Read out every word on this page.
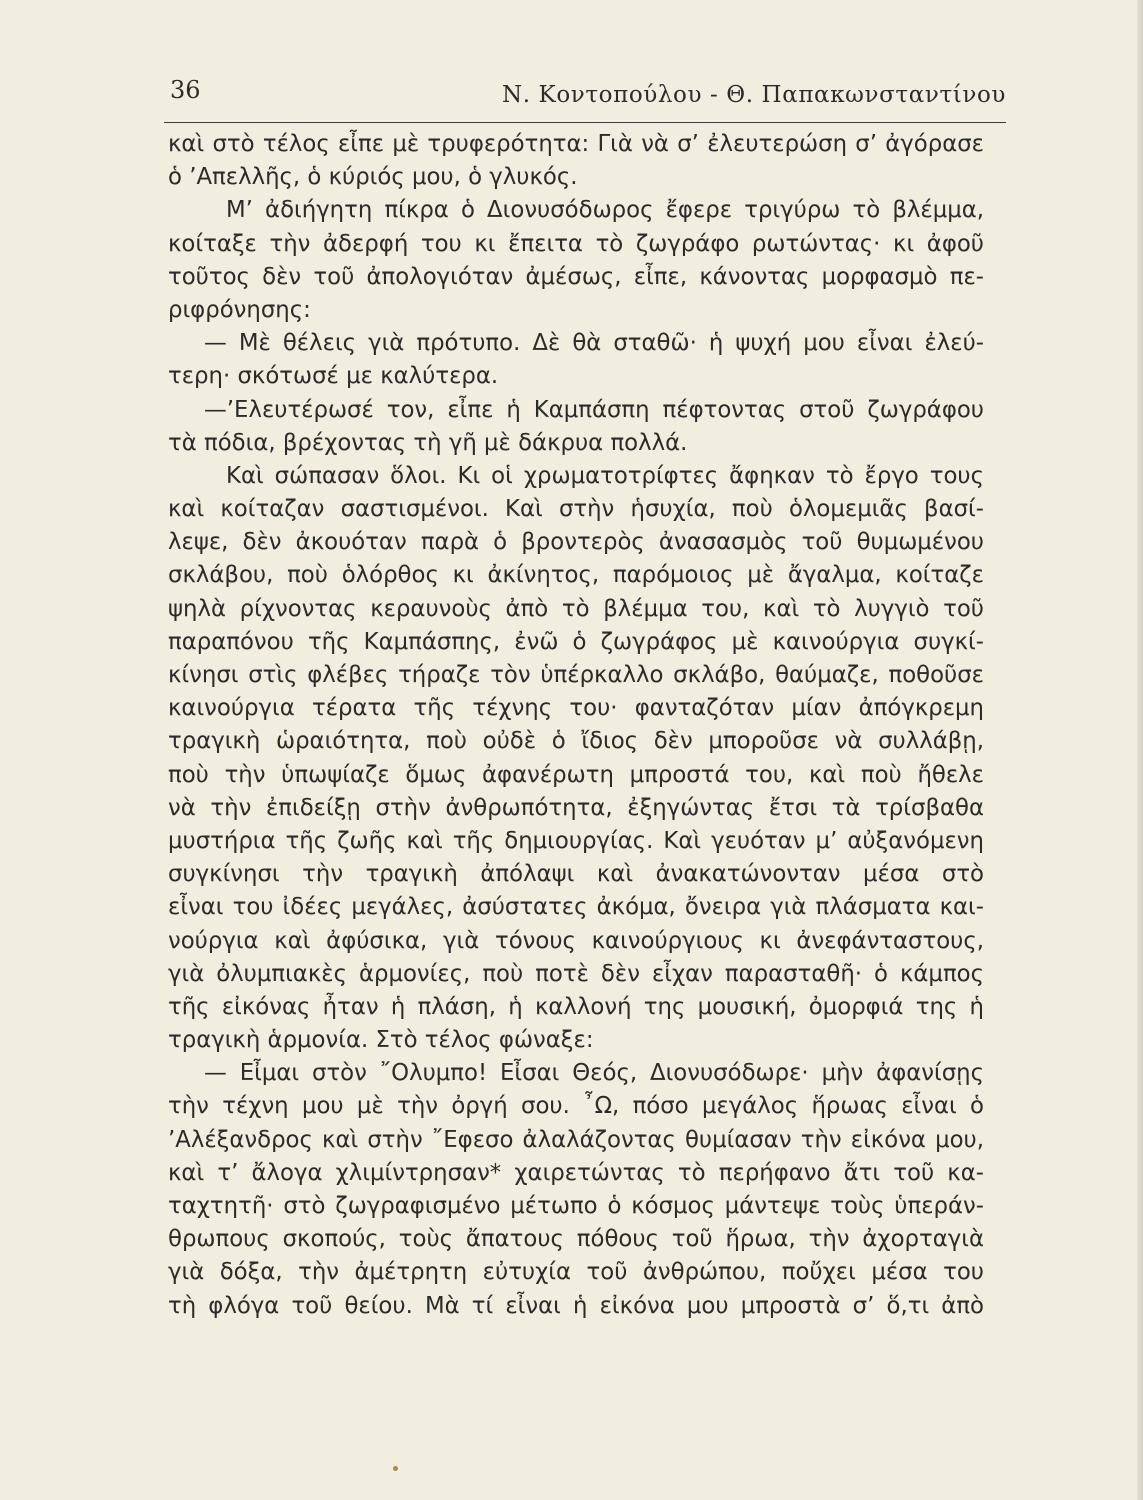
36	Ν. Κοντοπούλου - Θ. Παπακωνσταντίνου
καὶ στὸ τέλος εἶπε μὲ τρυφερότητα: Γιὰ νὰ σ’ ἐλευτερώση σ’ ἀγόρασε
ὁ ’Απελλῆς, ὁ κύριός μου, ὁ γλυκός.
Μ’ ἀδιήγητη πίκρα ὁ Διονυσόδωρος ἔφερε τριγύρω τὸ βλέμμα,
κοίταξε τὴν ἀδερφή του κι ἔπειτα τὸ ζωγράφο ρωτώντας· κι ἀφοῦ
τοῦτος δὲν τοῦ ἀπολογιόταν ἀμέσως, εἶπε, κάνοντας μορφασμὸ πε-
ριφρόνησης:
— Μὲ θέλεις γιὰ πρότυπο. Δὲ θὰ σταθῶ· ἡ ψυχή μου εἶναι ἐλεύ-
τερη· σκότωσέ με καλύτερα.
—’Ελευτέρωσέ τον, εἶπε ἡ Καμπάσπη πέφτοντας στοῦ ζωγράφου
τὰ πόδια, βρέχοντας τὴ γῆ μὲ δάκρυα πολλά.
Καὶ σώπασαν ὅλοι. Κι οἱ χρωματοτρίφτες ἄφηκαν τὸ ἔργο τους
καὶ κοίταζαν σαστισμένοι. Καὶ στὴν ἡσυχία, ποὺ ὁλομεμιᾶς βασί-
λεψε, δὲν ἀκουόταν παρὰ ὁ βροντερὸς ἀνασασμὸς τοῦ θυμωμένου
σκλάβου, ποὺ ὁλόρθος κι ἀκίνητος, παρόμοιος μὲ ἄγαλμα, κοίταζε
ψηλὰ ρίχνοντας κεραυνοὺς ἀπὸ τὸ βλέμμα του, καὶ τὸ λυγγιὸ τοῦ
παραπόνου τῆς Καμπάσπης, ἐνῶ ὁ ζωγράφος μὲ καινούργια συγκί-
κίνησι στὶς φλέβες τήραζε τὸν ὑπέρκαλλο σκλάβο, θαύμαζε, ποθοῦσε
καινούργια τέρατα τῆς τέχνης του· φανταζόταν μίαν ἀπόγκρεμη
τραγικὴ ὡραιότητα, ποὺ οὐδὲ ὁ ἴδιος δὲν μποροῦσε νὰ συλλάβῃ,
ποὺ τὴν ὑπωψίαζε ὅμως ἀφανέρωτη μπροστά του, καὶ ποὺ ἤθελε
νὰ τὴν ἐπιδείξῃ στὴν ἀνθρωπότητα, ἐξηγώντας ἔτσι τὰ τρίσβαθα
μυστήρια τῆς ζωῆς καὶ τῆς δημιουργίας. Καὶ γευόταν μ’ αὐξανόμενη
συγκίνησι τὴν τραγικὴ ἀπόλαψι καὶ ἀνακατώνονταν μέσα στὸ
εἶναι του ἰδέες μεγάλες, ἀσύστατες ἀκόμα, ὄνειρα γιὰ πλάσματα και-
νούργια καὶ ἀφύσικα, γιὰ τόνους καινούργιους κι ἀνεφάνταστους,
γιὰ ὀλυμπιακὲς ἁρμονίες, ποὺ ποτὲ δὲν εἶχαν παρασταθῆ· ὁ κάμπος
τῆς εἰκόνας ἦταν ἡ πλάση, ἡ καλλονή της μουσική, ὀμορφιά της ἡ
τραγικὴ ἁρμονία. Στὸ τέλος φώναξε:
— Εἶμαι στὸν ῎Ολυμπο! Εἶσαι Θεός, Διονυσόδωρε· μὴν ἀφανίσῃς
τὴν τέχνη μου μὲ τὴν ὀργή σου. ῏Ω, πόσο μεγάλος ἥρωας εἶναι ὁ
’Αλέξανδρος καὶ στὴν ῎Εφεσο ἀλαλάζοντας θυμίασαν τὴν εἰκόνα μου,
καὶ τ’ ἄλογα χλιμίντρησαν* χαιρετώντας τὸ περήφανο ἄτι τοῦ κα-
ταχτητῆ· στὸ ζωγραφισμένο μέτωπο ὁ κόσμος μάντεψε τοὺς ὑπεράν-
θρωπους σκοπούς, τοὺς ἄπατους πόθους τοῦ ἥρωα, τὴν ἀχορταγιὰ
γιὰ δόξα, τὴν ἀμέτρητη εὐτυχία τοῦ ἀνθρώπου, ποὔχει μέσα του
τὴ φλόγα τοῦ θείου. Μὰ τί εἶναι ἡ εἰκόνα μου μπροστὰ σ’ ὅ,τι ἀπὸ
